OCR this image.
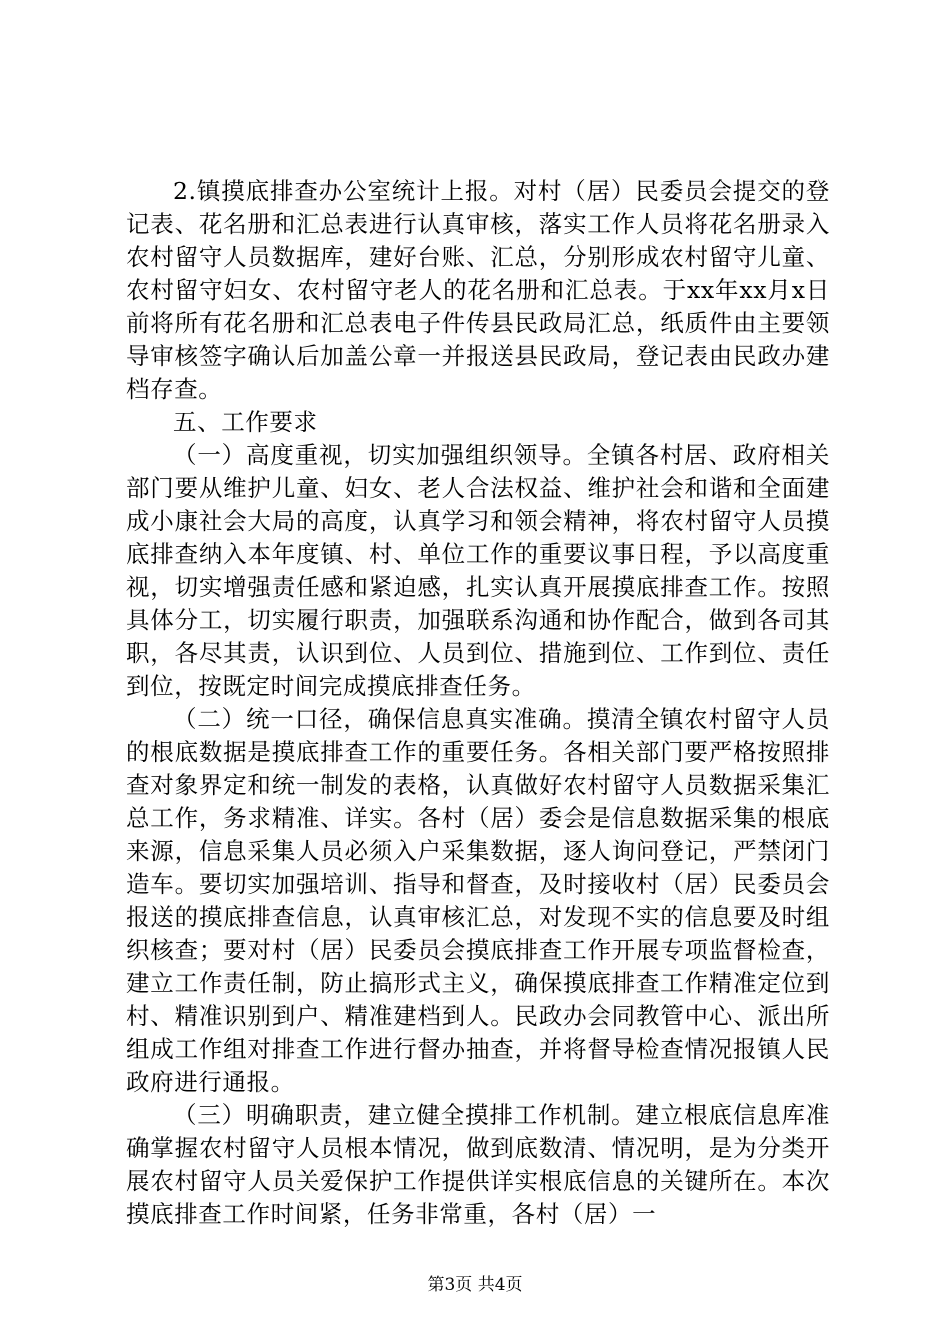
2.镇摸底排查办公室统计上报。对村（居）民委员会提交的登记表、花名册和汇总表进行认真审核，落实工作人员将花名册录入农村留守人员数据库，建好台账、汇总，分别形成农村留守儿童、农村留守妇女、农村留守老人的花名册和汇总表。于xx年xx月x日前将所有花名册和汇总表电子件传县民政局汇总，纸质件由主要领导审核签字确认后加盖公章一并报送县民政局，登记表由民政办建档存查。

五、工作要求

（一）高度重视，切实加强组织领导。全镇各村居、政府相关部门要从维护儿童、妇女、老人合法权益、维护社会和谐和全面建成小康社会大局的高度，认真学习和领会精神，将农村留守人员摸底排查纳入本年度镇、村、单位工作的重要议事日程，予以高度重视，切实增强责任感和紧迫感，扎实认真开展摸底排查工作。按照具体分工，切实履行职责，加强联系沟通和协作配合，做到各司其职，各尽其责，认识到位、人员到位、措施到位、工作到位、责任到位，按既定时间完成摸底排查任务。

（二）统一口径，确保信息真实准确。摸清全镇农村留守人员的根底数据是摸底排查工作的重要任务。各相关部门要严格按照排查对象界定和统一制发的表格，认真做好农村留守人员数据采集汇总工作，务求精准、详实。各村（居）委会是信息数据采集的根底来源，信息采集人员必须入户采集数据，逐人询问登记，严禁闭门造车。要切实加强培训、指导和督查，及时接收村（居）民委员会报送的摸底排查信息，认真审核汇总，对发现不实的信息要及时组织核查；要对村（居）民委员会摸底排查工作开展专项监督检查，建立工作责任制，防止搞形式主义，确保摸底排查工作精准定位到村、精准识别到户、精准建档到人。民政办会同教管中心、派出所组成工作组对排查工作进行督办抽查，并将督导检查情况报镇人民政府进行通报。

（三）明确职责，建立健全摸排工作机制。建立根底信息库准确掌握农村留守人员根本情况，做到底数清、情况明，是为分类开展农村留守人员关爱保护工作提供详实根底信息的关键所在。本次摸底排查工作时间紧，任务非常重，各村（居）一

第3页 共4页
